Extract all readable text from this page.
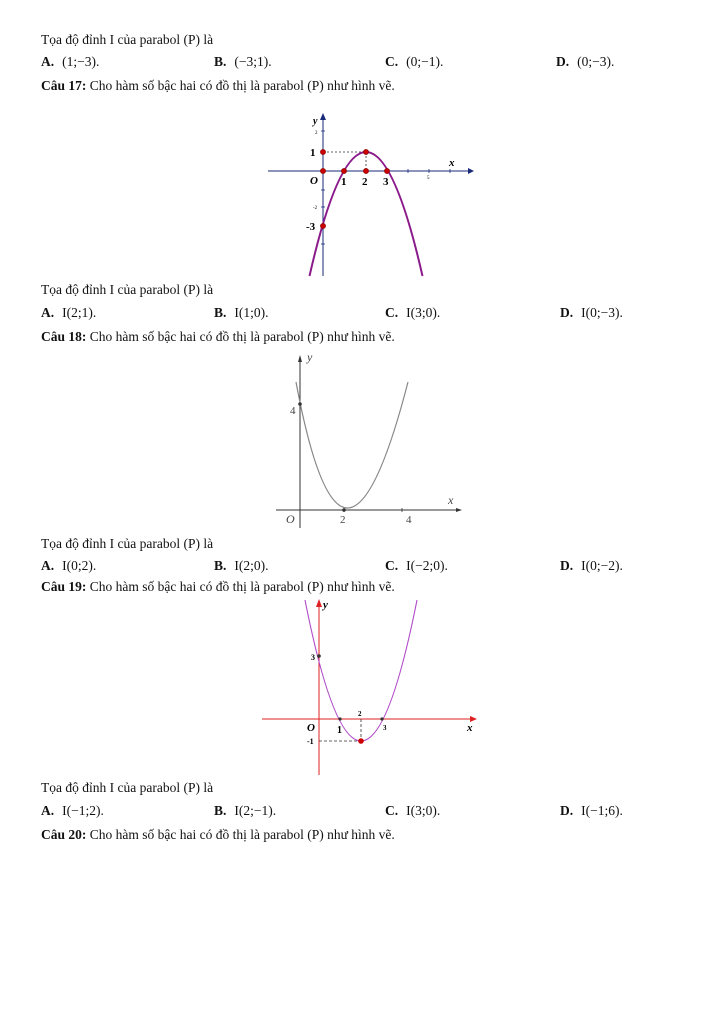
Tọa độ đỉnh I của parabol (P) là
A. (1;−3).	B. (−3;1).	C. (0;−1).	D. (0;−3).
Câu 17: Cho hàm số bậc hai có đồ thị là parabol (P) như hình vẽ.
y
x
O 1 2 3
1
-3
2
5
-2
Tọa độ đỉnh I của parabol (P) là
A. I(2;1).	B. I(1;0).	C. I(3;0).	D. I(0;−3).
Câu 18: Cho hàm số bậc hai có đồ thị là parabol (P) như hình vẽ.
y
x
O	2	4
4
Tọa độ đỉnh I của parabol (P) là
A. I(0;2).	B. I(2;0).	C. I(−2;0).	D. I(0;−2).
Câu 19: Cho hàm số bậc hai có đồ thị là parabol (P) như hình vẽ.
y
x
O 1
2
3
3
-1
Tọa độ đỉnh I của parabol (P) là
A. I(−1;2).	B. I(2;−1).	C. I(3;0).	D. I(−1;6).
Câu 20: Cho hàm số bậc hai có đồ thị là parabol (P) như hình vẽ.
